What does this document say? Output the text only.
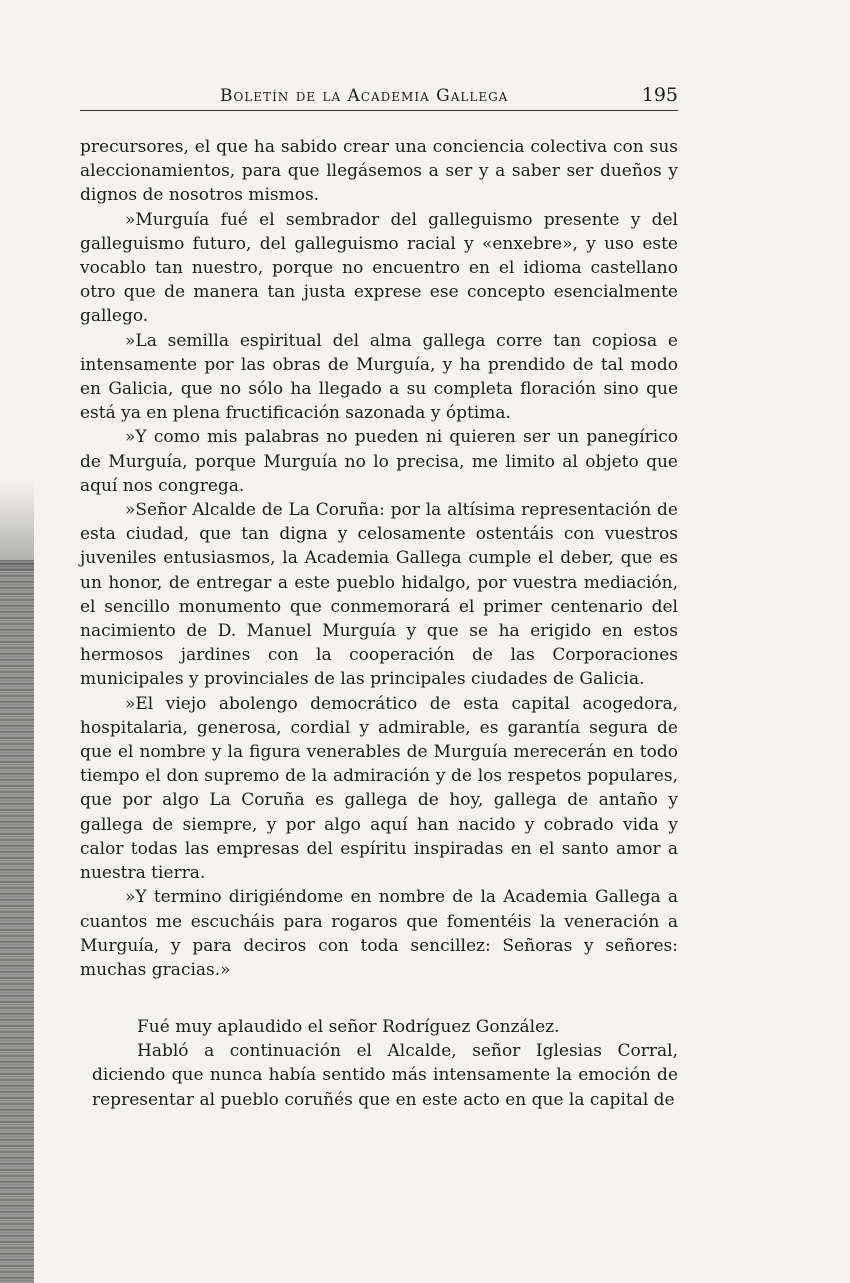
Boletín de la Academia Gallega	195

precursores, el que ha sabido crear una conciencia colectiva con sus aleccionamientos, para que llegásemos a ser y a saber ser dueños y dignos de nosotros mismos.

»Murguía fué el sembrador del galleguismo presente y del galleguismo futuro, del galleguismo racial y «enxebre», y uso este vocablo tan nuestro, porque no encuentro en el idioma castellano otro que de manera tan justa exprese ese concepto esencialmente gallego.

»La semilla espiritual del alma gallega corre tan copiosa e intensamente por las obras de Murguía, y ha prendido de tal modo en Galicia, que no sólo ha llegado a su completa floración sino que está ya en plena fructificación sazonada y óptima.

»Y como mis palabras no pueden ni quieren ser un panegírico de Murguía, porque Murguía no lo precisa, me limito al objeto que aquí nos congrega.

»Señor Alcalde de La Coruña: por la altísima representación de esta ciudad, que tan digna y celosamente ostentáis con vuestros juveniles entusiasmos, la Academia Gallega cumple el deber, que es un honor, de entregar a este pueblo hidalgo, por vuestra mediación, el sencillo monumento que conmemorará el primer centenario del nacimiento de D. Manuel Murguía y que se ha erigido en estos hermosos jardines con la cooperación de las Corporaciones municipales y provinciales de las principales ciudades de Galicia.

»El viejo abolengo democrático de esta capital acogedora, hospitalaria, generosa, cordial y admirable, es garantía segura de que el nombre y la figura venerables de Murguía merecerán en todo tiempo el don supremo de la admiración y de los respetos populares, que por algo La Coruña es gallega de hoy, gallega de antaño y gallega de siempre, y por algo aquí han nacido y cobrado vida y calor todas las empresas del espíritu inspiradas en el santo amor a nuestra tierra.

»Y termino dirigiéndome en nombre de la Academia Gallega a cuantos me escucháis para rogaros que fomentéis la veneración a Murguía, y para deciros con toda sencillez: Señoras y señores: muchas gracias.»

Fué muy aplaudido el señor Rodríguez González.

Habló a continuación el Alcalde, señor Iglesias Corral, diciendo que nunca había sentido más intensamente la emoción de representar al pueblo coruñés que en este acto en que la capital de
